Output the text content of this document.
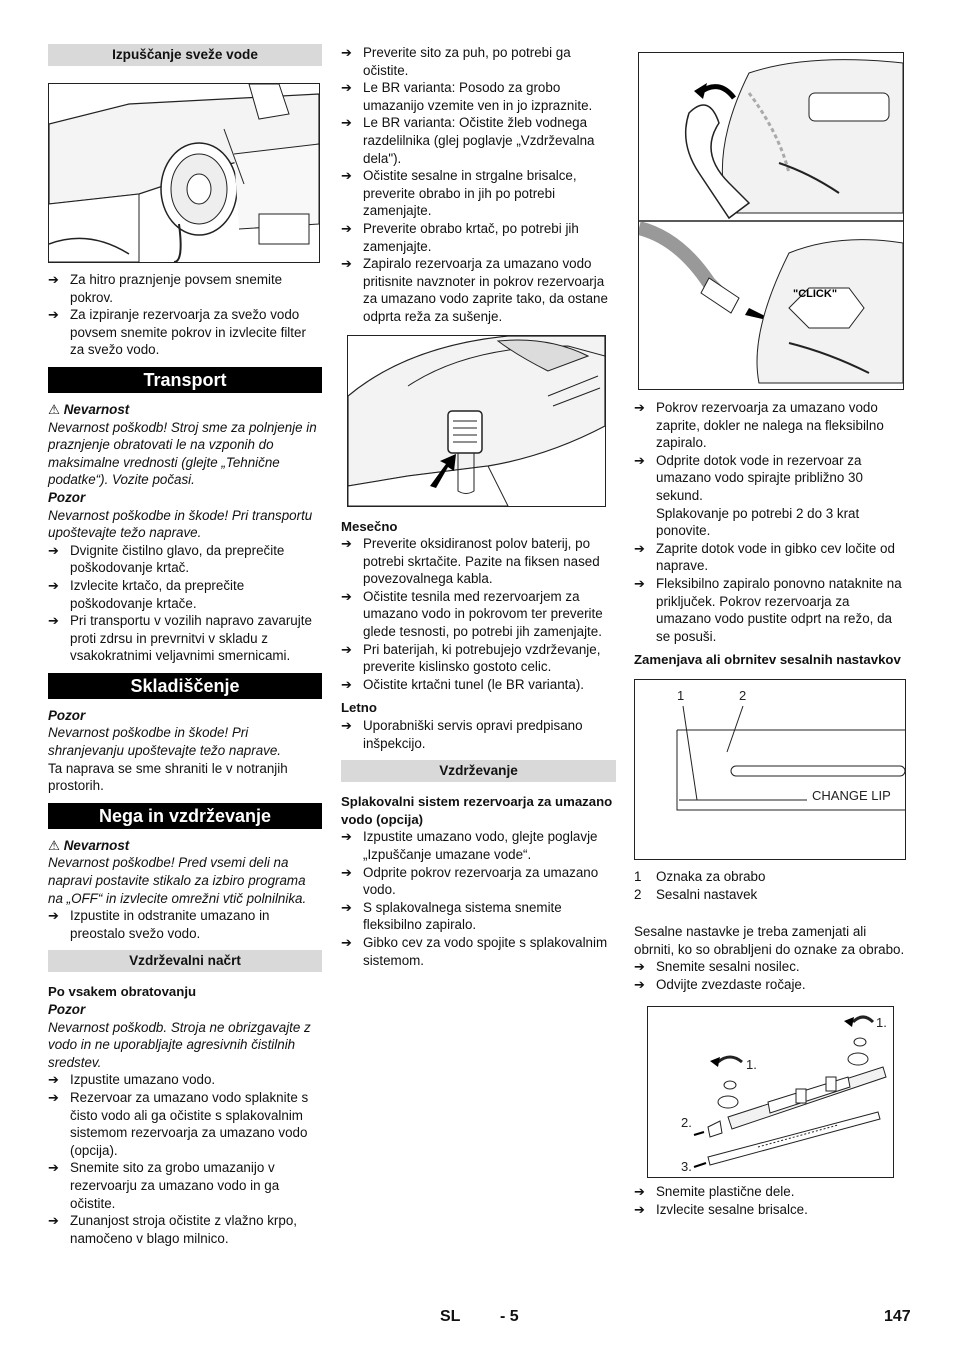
Izpuščanje sveže vode
➔ Za hitro praznjenje povsem snemite pokrov.
➔ Za izpiranje rezervoarja za svežo vodo povsem snemite pokrov in izvlecite filter za svežo vodo.
Transport

⚠ Nevarnost

Nevarnost poškodb! Stroj sme za polnjenje in praznjenje obratovati le na vzponih do maksimalne vrednosti (glejte „Tehnične podatke“). Vozite počasi.

Pozor

Nevarnost poškodbe in škode! Pri transportu upoštevajte težo naprave.

➔ Dvignite čistilno glavo, da preprečite poškodovanje krtač.
➔ Izvlecite krtačo, da preprečite poškodovanje krtače.
➔ Pri transportu v vozilih napravo zavarujte proti zdrsu in prevrnitvi v skladu z vsakokratnimi veljavnimi smernicami.
Skladiščenje

Pozor

Nevarnost poškodbe in škode! Pri shranjevanju upoštevajte težo naprave.

Ta naprava se sme shraniti le v notranjih prostorih.

Nega in vzdrževanje

⚠ Nevarnost

Nevarnost poškodbe! Pred vsemi deli na napravi postavite stikalo za izbiro programa na „OFF“ in izvlecite omrežni vtič polnilnika.

➔ Izpustite in odstranite umazano in preostalo svežo vodo.
Vzdrževalni načrt

Po vsakem obratovanju

Pozor

Nevarnost poškodb. Stroja ne obrizgavajte z vodo in ne uporabljajte agresivnih čistilnih sredstev.

➔ Izpustite umazano vodo.
➔ Rezervoar za umazano vodo splaknite s čisto vodo ali ga očistite s splakovalnim sistemom rezervoarja za umazano vodo (opcija).
➔ Snemite sito za grobo umazanijo v rezervoarju za umazano vodo in ga očistite.
➔ Zunanjost stroja očistite z vlažno krpo, namočeno v blago milnico.
➔ Preverite sito za puh, po potrebi ga očistite.
➔ Le BR varianta: Posodo za grobo umazanijo vzemite ven in jo izpraznite.
➔ Le BR varianta: Očistite žleb vodnega razdelilnika (glej poglavje „Vzdrževalna dela").
➔ Očistite sesalne in strgalne brisalce, preverite obrabo in jih po potrebi zamenjajte.
➔ Preverite obrabo krtač, po potrebi jih zamenjajte.
➔ Zapiralo rezervoarja za umazano vodo pritisnite navznoter in pokrov rezervoarja za umazano vodo zaprite tako, da ostane odprta reža za sušenje.

Mesečno

➔ Preverite oksidiranost polov baterij, po potrebi skrtačite. Pazite na fiksen nased povezovalnega kabla.
➔ Očistite tesnila med rezervoarjem za umazano vodo in pokrovom ter preverite glede tesnosti, po potrebi jih zamenjajte.
➔ Pri baterijah, ki potrebujejo vzdrževanje, preverite kislinsko gostoto celic.
➔ Očistite krtačni tunel (le BR varianta).

Letno

➔ Uporabniški servis opravi predpisano inšpekcijo.
Vzdrževanje

Splakovalni sistem rezervoarja za umazano vodo (opcija)

➔ Izpustite umazano vodo, glejte poglavje „Izpuščanje umazane vode“.
➔ Odprite pokrov rezervoarja za umazano vodo.
➔ S splakovalnega sistema snemite fleksibilno zapiralo.
➔ Gibko cev za vodo spojite s splakovalnim sistemom.
"CLICK"
➔ Pokrov rezervoarja za umazano vodo zaprite, dokler ne nalega na fleksibilno zapiralo.
➔ Odprite dotok vode in rezervoar za umazano vodo spirajte približno 30 sekund.

Splakovanje po potrebi 2 do 3 krat ponovite.

➔ Zaprite dotok vode in gibko cev ločite od naprave.
➔ Fleksibilno zapiralo ponovno nataknite na priključek. Pokrov rezervoarja za umazano vodo pustite odprt na režo, da se posuši.

Zamenjava ali obrnitev sesalnih nastavkov

1	2
CHANGE LIP
1	Oznaka za obrabo
2	Sesalni nastavek

Sesalne nastavke je treba zamenjati ali obrniti, ko so obrabljeni do oznake za obrabo.

➔ Snemite sesalni nosilec.
➔ Odvijte zvezdaste ročaje.
1.
1.
2.
3.
➔ Snemite plastične dele.
➔ Izvlecite sesalne brisalce.
SL - 5	147
